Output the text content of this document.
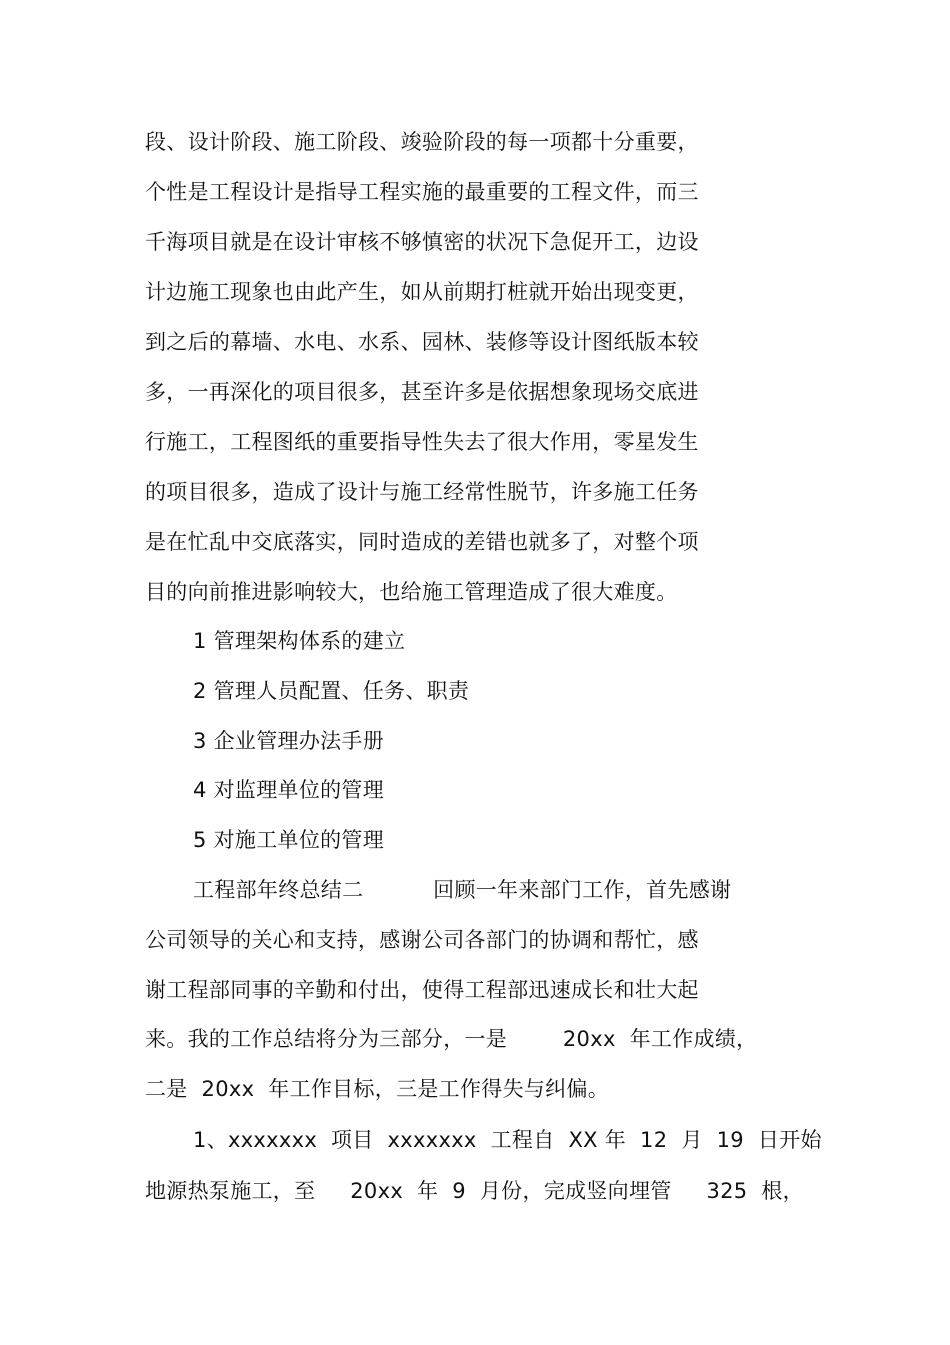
段、设计阶段、施工阶段、竣验阶段的每一项都十分重要，
个性是工程设计是指导工程实施的最重要的工程文件，而三
千海项目就是在设计审核不够慎密的状况下急促开工，边设
计边施工现象也由此产生，如从前期打桩就开始出现变更，
到之后的幕墙、水电、水系、园林、装修等设计图纸版本较
多，一再深化的项目很多，甚至许多是依据想象现场交底进
行施工，工程图纸的重要指导性失去了很大作用，零星发生
的项目很多，造成了设计与施工经常性脱节，许多施工任务
是在忙乱中交底落实，同时造成的差错也就多了，对整个项
目的向前推进影响较大，也给施工管理造成了很大难度。
1 管理架构体系的建立
2 管理人员配置、任务、职责
3 企业管理办法手册
4 对监理单位的管理
5 对施工单位的管理
工程部年终总结二          回顾一年来部门工作，首先感谢
公司领导的关心和支持，感谢公司各部门的协调和帮忙，感
谢工程部同事的辛勤和付出，使得工程部迅速成长和壮大起
来。我的工作总结将分为三部分，一是        20xx  年工作成绩，
二是  20xx  年工作目标，三是工作得失与纠偏。
1、xxxxxxx  项目  xxxxxxx  工程自  XX 年  12  月  19  日开始
地源热泵施工，至     20xx  年  9  月份，完成竖向埋管     325  根，
